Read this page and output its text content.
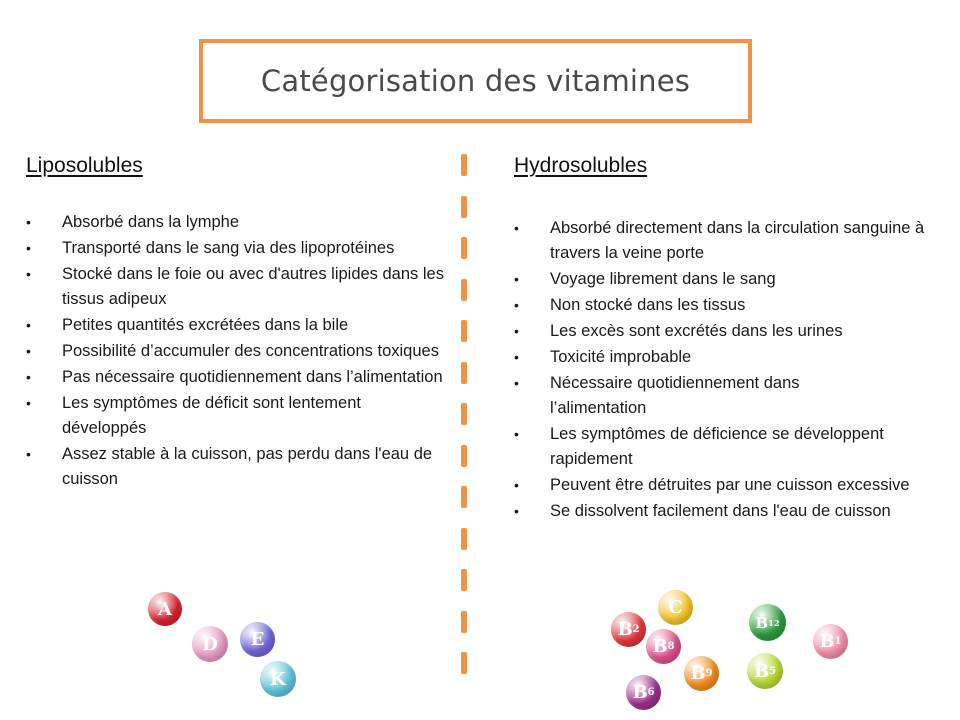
Catégorisation des vitamines
Liposolubles
• Absorbé dans la lymphe
• Transporté dans le sang via des lipoprotéines
• Stocké dans le foie ou avec d'autres lipides dans les tissus adipeux
• Petites quantités excrétées dans la bile
• Possibilité d’accumuler des concentrations toxiques
• Pas nécessaire quotidiennement dans l’alimentation
• Les symptômes de déficit sont lentement développés
• Assez stable à la cuisson, pas perdu dans l'eau de cuisson
Hydrosolubles
• Absorbé directement dans la circulation sanguine à travers la veine porte
• Voyage librement dans le sang
• Non stocké dans les tissus
• Les excès sont excrétés dans les urines
• Toxicité improbable
• Nécessaire quotidiennement dans l’alimentation
• Les symptômes de déficience se développent rapidement
• Peuvent être détruites par une cuisson excessive
• Se dissolvent facilement dans l'eau de cuisson
A
D E
K
C
B 2
B 8
B 12
B 1
B 9 B 5
B 6
